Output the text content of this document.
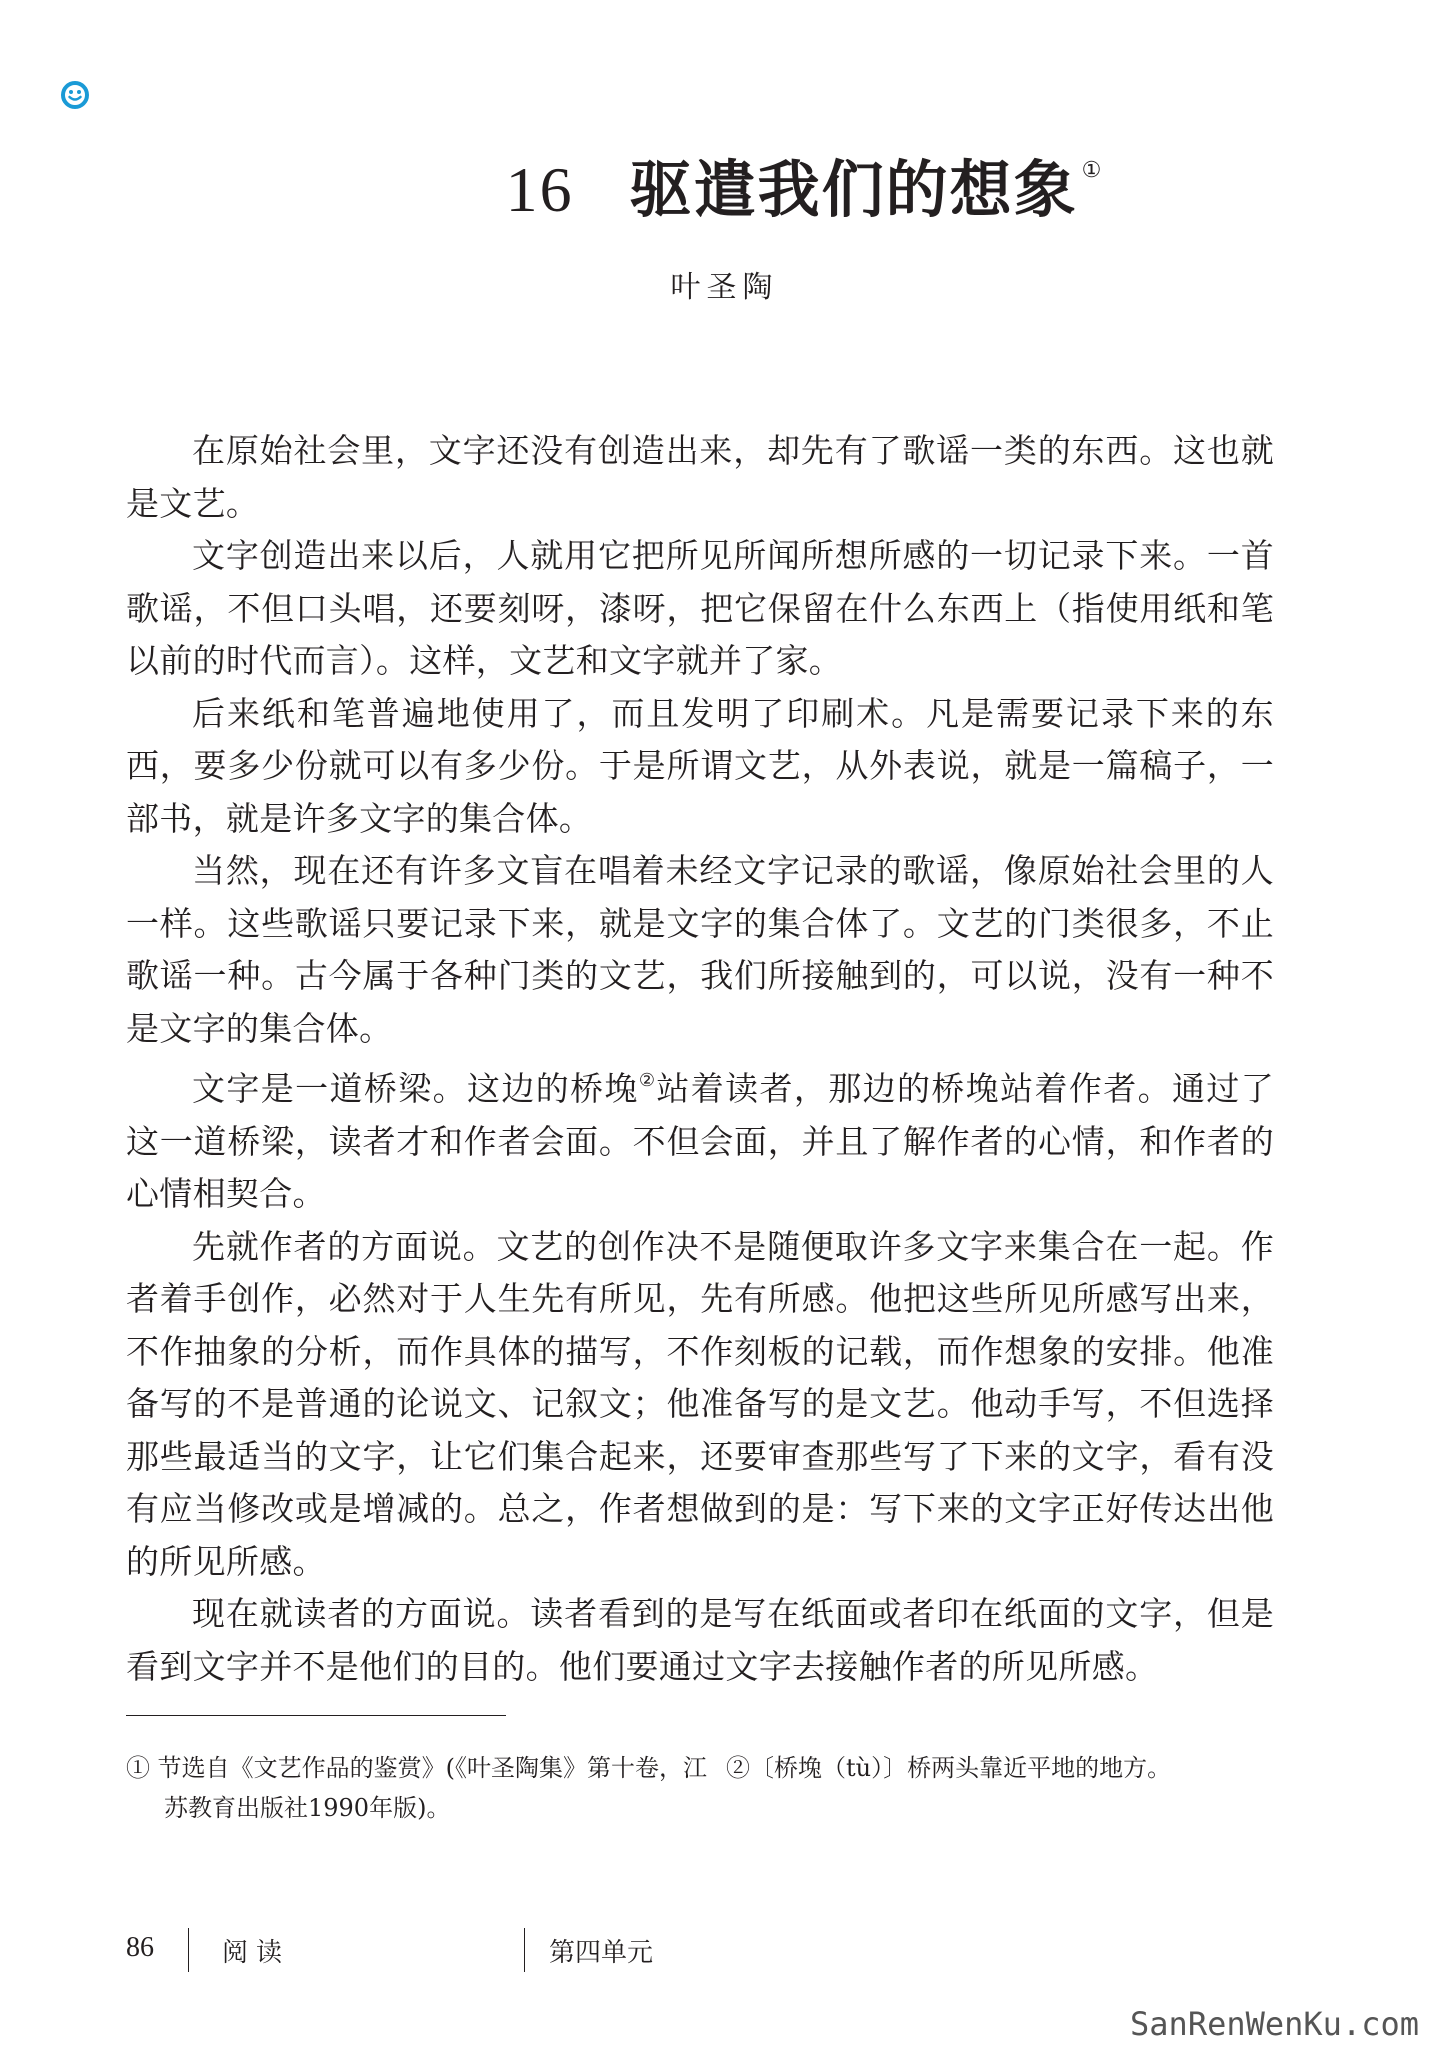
16 驱遣我们的想象 ①
叶圣陶

在原始社会里，文字还没有创造出来，却先有了歌谣一类的东西。这也就是文艺。

文字创造出来以后，人就用它把所见所闻所想所感的一切记录下来。一首歌谣，不但口头唱，还要刻呀，漆呀，把它保留在什么东西上（指使用纸和笔以前的时代而言）。这样，文艺和文字就并了家。

后来纸和笔普遍地使用了，而且发明了印刷术。凡是需要记录下来的东西，要多少份就可以有多少份。于是所谓文艺，从外表说，就是一篇稿子，一部书，就是许多文字的集合体。

当然，现在还有许多文盲在唱着未经文字记录的歌谣，像原始社会里的人一样。这些歌谣只要记录下来，就是文字的集合体了。文艺的门类很多，不止歌谣一种。古今属于各种门类的文艺，我们所接触到的，可以说，没有一种不是文字的集合体。

文字是一道桥梁。这边的桥堍②站着读者，那边的桥堍站着作者。通过了这一道桥梁，读者才和作者会面。不但会面，并且了解作者的心情，和作者的心情相契合。

先就作者的方面说。文艺的创作决不是随便取许多文字来集合在一起。作者着手创作，必然对于人生先有所见，先有所感。他把这些所见所感写出来，不作抽象的分析，而作具体的描写，不作刻板的记载，而作想象的安排。他准备写的不是普通的论说文、记叙文；他准备写的是文艺。他动手写，不但选择那些最适当的文字，让它们集合起来，还要审查那些写了下来的文字，看有没有应当修改或是增减的。总之，作者想做到的是：写下来的文字正好传达出他的所见所感。

现在就读者的方面说。读者看到的是写在纸面或者印在纸面的文字，但是看到文字并不是他们的目的。他们要通过文字去接触作者的所见所感。

① 节选自《文艺作品的鉴赏》(《叶圣陶集》第十卷，江苏教育出版社1990年版)。
②〔桥堍（tù）〕桥两头靠近平地的地方。
86	阅读	第四单元
SanRenWenKu.com
